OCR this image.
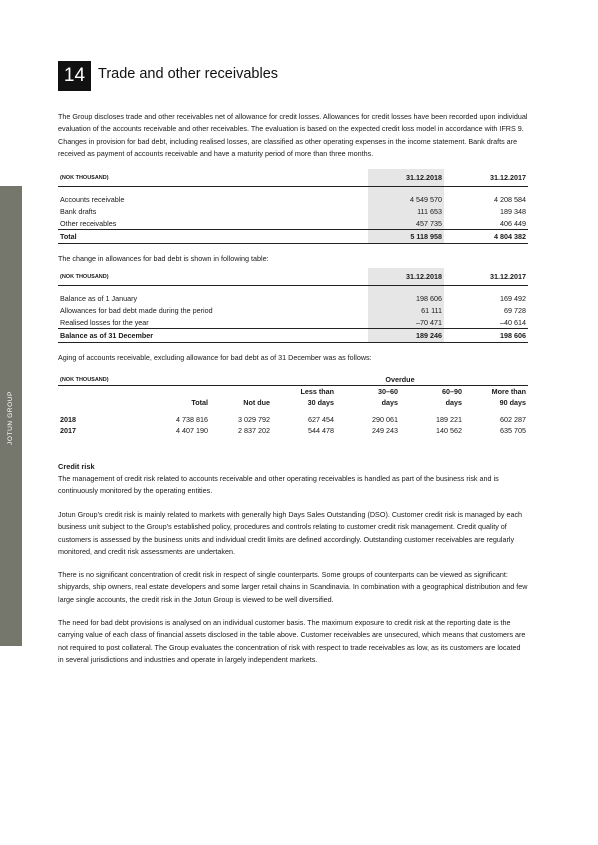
JOTUN GROUP
44
14 Trade and other receivables

The Group discloses trade and other receivables net of allowance for credit losses. Allowances for credit losses have been recorded upon individual evaluation of the accounts receivable and other receivables. The evaluation is based on the expected credit loss model in accordance with IFRS 9. Changes in provision for bad debt, including realised losses, are classified as other operating expenses in the income statement. Bank drafts are received as payment of accounts receivable and have a maturity period of more than three months.

(NOK THOUSAND)	31.12.2018	31.12.2017

Accounts receivable	4 549 570	4 208 584
Bank drafts	111 653	189 348
Other receivables	457 735	406 449
Total	5 118 958	4 804 382

The change in allowances for bad debt is shown in following table:

(NOK THOUSAND)	31.12.2018	31.12.2017

Balance as of 1 January	198 606	169 492
Allowances for bad debt made during the period	61 111	69 728
Realised losses for the year	–70 471	–40 614
Balance as of 31 December	189 246	198 606

Aging of accounts receivable, excluding allowance for bad debt as of 31 December was as follows:

(NOK THOUSAND)			Overdue			
			Less than	30–60	60–90	More than
	Total	Not due	30 days	days	days	90 days

2018	4 738 816	3 029 792	627 454	290 061	189 221	602 287
2017	4 407 190	2 837 202	544 478	249 243	140 562	635 705
Credit risk

The management of credit risk related to accounts receivable and other operating receivables is handled as part of the business risk and is continuously monitored by the operating entities.

Jotun Group’s credit risk is mainly related to markets with generally high Days Sales Outstanding (DSO). Customer credit risk is managed by each business unit subject to the Group’s established policy, procedures and controls relating to customer credit risk management. Credit quality of customers is assessed by the business units and individual credit limits are defined accordingly. Outstanding customer receivables are regularly monitored, and credit risk assessments are undertaken.

There is no significant concentration of credit risk in respect of single counterparts. Some groups of counterparts can be viewed as significant: shipyards, ship owners, real estate developers and some larger retail chains in Scandinavia. In combination with a geographical distribution and few large single accounts, the credit risk in the Jotun Group is viewed to be well diversified.

The need for bad debt provisions is analysed on an individual customer basis. The maximum exposure to credit risk at the reporting date is the carrying value of each class of financial assets disclosed in the table above. Customer receivables are unsecured, which means that customers are not required to post collateral. The Group evaluates the concentration of risk with respect to trade receivables as low, as its customers are located in several jurisdictions and industries and operate in largely independent markets.
